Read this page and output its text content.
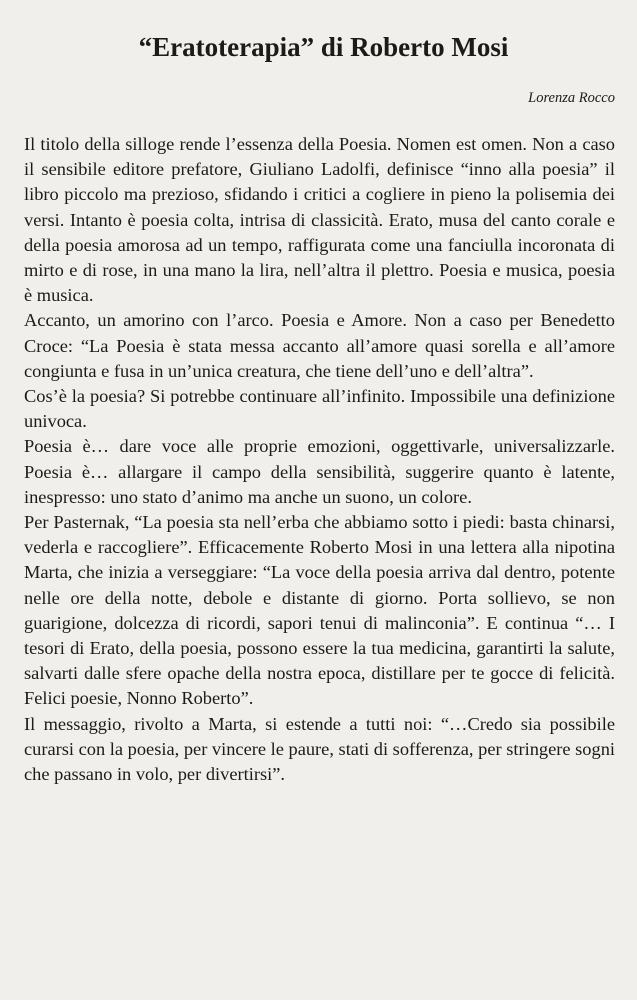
“Eratoterapia” di Roberto Mosi
Lorenza Rocco

Il titolo della silloge rende l’essenza della Poesia. Nomen est omen. Non a caso il sensibile editore prefatore, Giuliano Ladolfi, definisce “inno alla poesia” il libro piccolo ma prezioso, sfidando i critici a cogliere in pieno la polisemia dei versi. Intanto è poesia colta, intrisa di classicità. Erato, musa del canto corale e della poesia amorosa ad un tempo, raffigurata come una fanciulla incoronata di mirto e di rose, in una mano la lira, nell’altra il plettro. Poesia e musica, poesia è musica.

Accanto, un amorino con l’arco. Poesia e Amore. Non a caso per Benedetto Croce: “La Poesia è stata messa accanto all’amore quasi sorella e all’amore congiunta e fusa in un’unica creatura, che tiene dell’uno e dell’altra”.

Cos’è la poesia? Si potrebbe continuare all’infinito. Impossibile una definizione univoca.

Poesia è… dare voce alle proprie emozioni, oggettivarle, universalizzarle. Poesia è… allargare il campo della sensibilità, suggerire quanto è latente, inespresso: uno stato d’animo ma anche un suono, un colore.

Per Pasternak, “La poesia sta nell’erba che abbiamo sotto i piedi: basta chinarsi, vederla e raccogliere”. Efficacemente Roberto Mosi in una lettera alla nipotina Marta, che inizia a verseggiare: “La voce della poesia arriva dal dentro, potente nelle ore della notte, debole e distante di giorno. Porta sollievo, se non guarigione, dolcezza di ricordi, sapori tenui di malinconia”. E continua “… I tesori di Erato, della poesia, possono essere la tua medicina, garantirti la salute, salvarti dalle sfere opache della nostra epoca, distillare per te gocce di felicità. Felici poesie, Nonno Roberto”.

Il messaggio, rivolto a Marta, si estende a tutti noi: “…Credo sia possibile curarsi con la poesia, per vincere le paure, stati di sofferenza, per stringere sogni che passano in volo, per divertirsi”.
